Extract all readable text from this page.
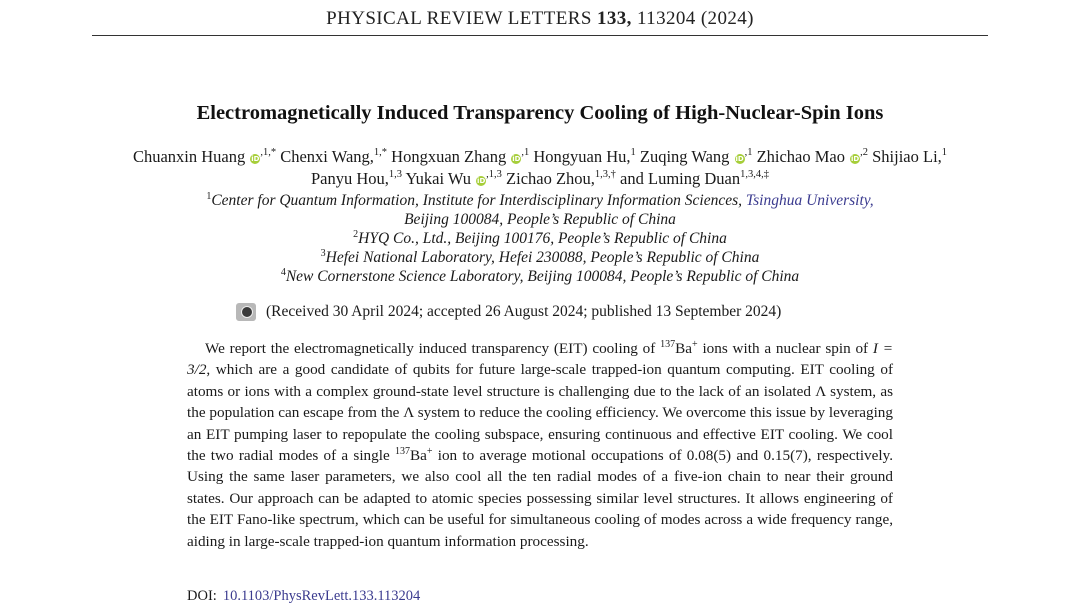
PHYSICAL REVIEW LETTERS 133, 113204 (2024)
Electromagnetically Induced Transparency Cooling of High-Nuclear-Spin Ions
Chuanxin Huang iD$^{,1,*}$ Chenxi Wang,$^{1,*}$ Hongxuan Zhang iD$^{,1}$ Hongyuan Hu,$^1$ Zuqing Wang iD$^{,1}$ Zhichao Mao iD$^{,2}$ Shijiao Li,$^1$
Panyu Hou,$^{1,3}$ Yukai Wu iD$^{,1,3}$ Zichao Zhou,$^{1,3,\dagger}$ and Luming Duan$^{1,3,4,\ddagger}$
$^1$Center for Quantum Information, Institute for Interdisciplinary Information Sciences, Tsinghua University,
Beijing 100084, People’s Republic of China
$^2$HYQ Co., Ltd., Beijing 100176, People’s Republic of China
$^3$Hefei National Laboratory, Hefei 230088, People’s Republic of China
$^4$New Cornerstone Science Laboratory, Beijing 100084, People’s Republic of China
(Received 30 April 2024; accepted 26 August 2024; published 13 September 2024)

We report the electromagnetically induced transparency (EIT) cooling of $^{137}$Ba+ ions with a nuclear spin of I = 3/2, which are a good candidate of qubits for future large-scale trapped-ion quantum computing. EIT cooling of atoms or ions with a complex ground-state level structure is challenging due to the lack of an isolated Λ system, as the population can escape from the Λ system to reduce the cooling efficiency. We overcome this issue by leveraging an EIT pumping laser to repopulate the cooling subspace, ensuring continuous and effective EIT cooling. We cool the two radial modes of a single $^{137}$Ba+ ion to average motional occupations of 0.08(5) and 0.15(7), respectively. Using the same laser parameters, we also cool all the ten radial modes of a five-ion chain to near their ground states. Our approach can be adapted to atomic species possessing similar level structures. It allows engineering of the EIT Fano-like spectrum, which can be useful for simultaneous cooling of modes across a wide frequency range, aiding in large-scale trapped-ion quantum information processing.

DOI: 10.1103/PhysRevLett.133.113204
